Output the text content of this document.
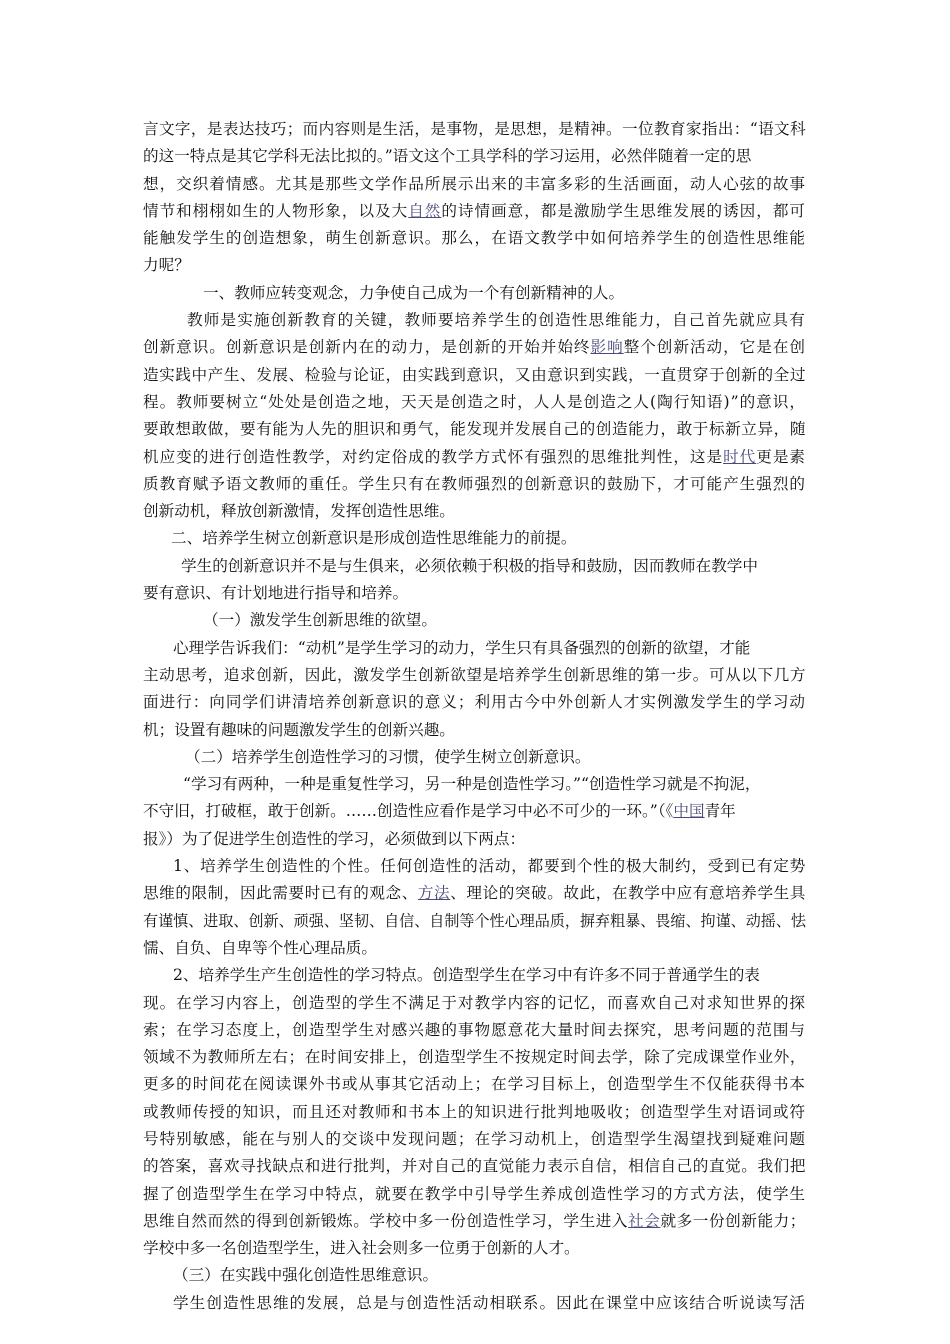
言文字，是表达技巧；而内容则是生活，是事物，是思想，是精神。一位教育家指出：“语文科
的这一特点是其它学科无法比拟的。”语文这个工具学科的学习运用，必然伴随着一定的思
想，交织着情感。尤其是那些文学作品所展示出来的丰富多彩的生活画面，动人心弦的故事
情节和栩栩如生的人物形象，以及大自然的诗情画意，都是激励学生思维发展的诱因，都可
能触发学生的创造想象，萌生创新意识。那么，在语文教学中如何培养学生的创造性思维能
力呢？
一、教师应转变观念，力争使自己成为一个有创新精神的人。
教师是实施创新教育的关键，教师要培养学生的创造性思维能力，自己首先就应具有
创新意识。创新意识是创新内在的动力，是创新的开始并始终影响整个创新活动，它是在创
造实践中产生、发展、检验与论证，由实践到意识，又由意识到实践，一直贯穿于创新的全过
程。教师要树立“处处是创造之地，天天是创造之时，人人是创造之人(陶行知语)”的意识，
要敢想敢做，要有能为人先的胆识和勇气，能发现并发展自己的创造能力，敢于标新立异，随
机应变的进行创造性教学，对约定俗成的教学方式怀有强烈的思维批判性，这是时代更是素
质教育赋予语文教师的重任。学生只有在教师强烈的创新意识的鼓励下，才可能产生强烈的
创新动机，释放创新激情，发挥创造性思维。
二、培养学生树立创新意识是形成创造性思维能力的前提。
学生的创新意识并不是与生俱来，必须依赖于积极的指导和鼓励，因而教师在教学中
要有意识、有计划地进行指导和培养。
（一）激发学生创新思维的欲望。
心理学告诉我们：“动机”是学生学习的动力，学生只有具备强烈的创新的欲望，才能
主动思考，追求创新，因此，激发学生创新欲望是培养学生创新思维的第一步。可从以下几方
面进行：向同学们讲清培养创新意识的意义；利用古今中外创新人才实例激发学生的学习动
机；设置有趣味的问题激发学生的创新兴趣。
（二）培养学生创造性学习的习惯，使学生树立创新意识。
“学习有两种，一种是重复性学习，另一种是创造性学习。”“创造性学习就是不拘泥，
不守旧，打破框，敢于创新。……创造性应看作是学习中必不可少的一环。”（《中国青年
报》）为了促进学生创造性的学习，必须做到以下两点：
1、培养学生创造性的个性。任何创造性的活动，都要到个性的极大制约，受到已有定势
思维的限制，因此需要时已有的观念、方法、理论的突破。故此，在教学中应有意培养学生具
有谨慎、进取、创新、顽强、坚韧、自信、自制等个性心理品质，摒弃粗暴、畏缩、拘谨、动摇、怯
懦、自负、自卑等个性心理品质。
2、培养学生产生创造性的学习特点。创造型学生在学习中有许多不同于普通学生的表
现。在学习内容上，创造型的学生不满足于对教学内容的记忆，而喜欢自己对求知世界的探
索；在学习态度上，创造型学生对感兴趣的事物愿意花大量时间去探究，思考问题的范围与
领域不为教师所左右；在时间安排上，创造型学生不按规定时间去学，除了完成课堂作业外，
更多的时间花在阅读课外书或从事其它活动上；在学习目标上，创造型学生不仅能获得书本
或教师传授的知识，而且还对教师和书本上的知识进行批判地吸收；创造型学生对语词或符
号特别敏感，能在与别人的交谈中发现问题；在学习动机上，创造型学生渴望找到疑难问题
的答案，喜欢寻找缺点和进行批判，并对自己的直觉能力表示自信，相信自己的直觉。我们把
握了创造型学生在学习中特点，就要在教学中引导学生养成创造性学习的方式方法，使学生
思维自然而然的得到创新锻炼。学校中多一份创造性学习，学生进入社会就多一份创新能力；
学校中多一名创造型学生，进入社会则多一位勇于创新的人才。
（三）在实践中强化创造性思维意识。
学生创造性思维的发展，总是与创造性活动相联系。因此在课堂中应该结合听说读写活
